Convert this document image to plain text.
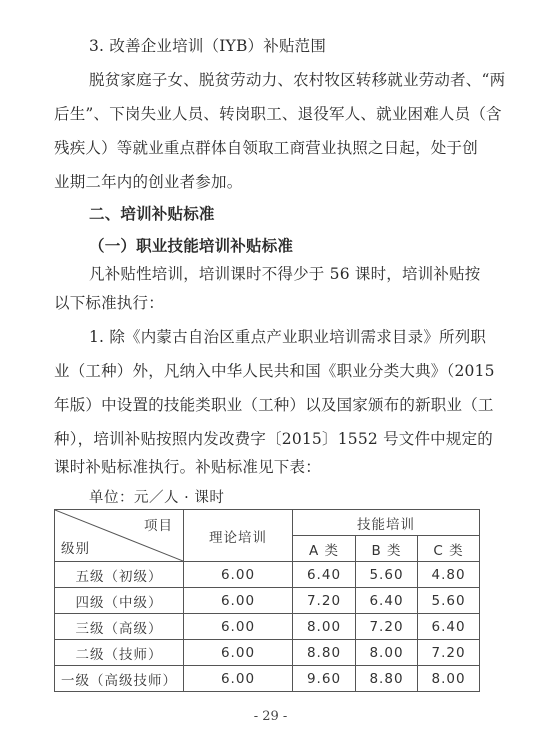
3. 改善企业培训（IYB）补贴范围
脱贫家庭子女、脱贫劳动力、农村牧区转移就业劳动者、“两
后生”、下岗失业人员、转岗职工、退役军人、就业困难人员（含
残疾人）等就业重点群体自领取工商营业执照之日起，处于创
业期二年内的创业者参加。
二、培训补贴标准
（一）职业技能培训补贴标准
凡补贴性培训，培训课时不得少于 56 课时，培训补贴按
以下标准执行：
1. 除《内蒙古自治区重点产业职业培训需求目录》所列职
业（工种）外，凡纳入中华人民共和国《职业分类大典》（2015
年版）中设置的技能类职业（工种）以及国家颁布的新职业（工
种），培训补贴按照内发改费字〔2015〕1552 号文件中规定的
课时补贴标准执行。补贴标准见下表：
单位：元／人 · 课时
项目
级别	理论培训	技能培训		
		A 类	B 类	C 类
五级（初级）	6.00	6.40	5.60	4.80
四级（中级）	6.00	7.20	6.40	5.60
三级（高级）	6.00	8.00	7.20	6.40
二级（技师）	6.00	8.80	8.00	7.20
一级（高级技师）	6.00	9.60	8.80	8.00
- 29 -
